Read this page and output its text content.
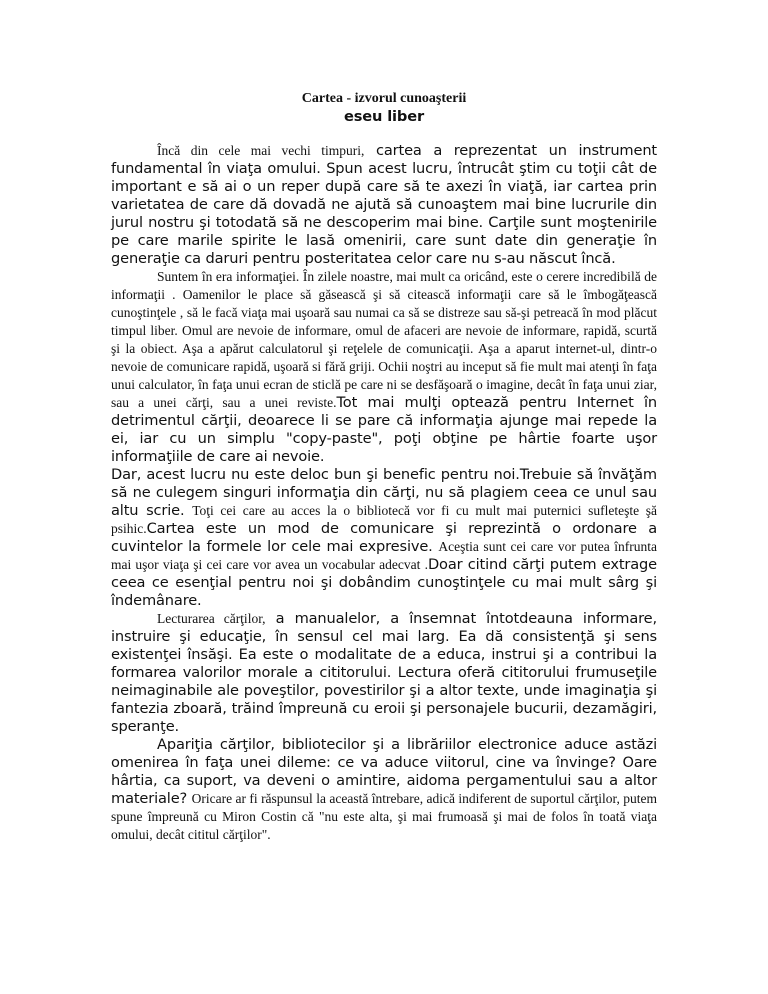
Cartea - izvorul cunoaşterii
eseu liber

Încă din cele mai vechi timpuri, cartea a reprezentat un instrument fundamental în viaţa omului. Spun acest lucru, întrucât ştim cu toţii cât de important e să ai o un reper după care să te axezi în viaţă, iar cartea prin varietatea de care dă dovadă ne ajută să cunoaştem mai bine lucrurile din jurul nostru şi totodată să ne descoperim mai bine. Carţile sunt moştenirile pe care marile spirite le lasă omenirii, care sunt date din generaţie în generaţie ca daruri pentru posteritatea celor care nu s-au născut încă.

Suntem în era informaţiei. În zilele noastre, mai mult ca oricând, este o cerere incredibilă de informaţii . Oamenilor le place să găsească şi să citească informaţii care să le îmbogăţească cunoştinţele , să le facă viaţa mai uşoară sau numai ca să se distreze sau să-şi petreacă în mod plăcut timpul liber. Omul are nevoie de informare, omul de afaceri are nevoie de informare, rapidă, scurtă şi la obiect. Aşa a apărut calculatorul şi reţelele de comunicaţii. Aşa a aparut internet-ul, dintr-o nevoie de comunicare rapidă, uşoară si fără griji. Ochii noştri au inceput să fie mult mai atenţi în faţa unui calculator, în faţa unui ecran de sticlă pe care ni se desfăşoară o imagine, decât în faţa unui ziar, sau a unei cărţi, sau a unei reviste.Tot mai mulţi optează pentru Internet în detrimentul cărţii, deoarece li se pare că informaţia ajunge mai repede la ei, iar cu un simplu "copy-paste", poţi obţine pe hârtie foarte uşor informaţiile de care ai nevoie.

Dar, acest lucru nu este deloc bun şi benefic pentru noi.Trebuie să învăţăm să ne culegem singuri informaţia din cărţi, nu să plagiem ceea ce unul sau altu scrie. Toţi cei care au acces la o bibliotecă vor fi cu mult mai puternici sufleteşte şă psihic.Cartea este un mod de comunicare şi reprezintă o ordonare a cuvintelor la formele lor cele mai expresive. Aceştia sunt cei care vor putea înfrunta mai uşor viaţa şi cei care vor avea un vocabular adecvat .Doar citind cărţi putem extrage ceea ce esenţial pentru noi şi dobândim cunoştinţele cu mai mult sârg şi îndemânare.

Lecturarea cărţilor, a manualelor, a însemnat întotdeauna informare, instruire şi educaţie, în sensul cel mai larg. Ea dă consistenţă şi sens existenţei însăşi. Ea este o modalitate de a educa, instrui şi a contribui la formarea valorilor morale a cititorului. Lectura oferă cititorului frumuseţile neimaginabile ale poveştilor, povestirilor şi a altor texte, unde imaginaţia şi fantezia zboară, trăind împreună cu eroii şi personajele bucurii, dezamăgiri, speranţe.

Apariţia cărţilor, bibliotecilor şi a librăriilor electronice aduce astăzi omenirea în faţa unei dileme: ce va aduce viitorul, cine va învinge? Oare hârtia, ca suport, va deveni o amintire, aidoma pergamentului sau a altor materiale? Oricare ar fi răspunsul la această întrebare, adică indiferent de suportul cărţilor, putem spune împreună cu Miron Costin că "nu este alta, şi mai frumoasă şi mai de folos în toată viaţa omului, decât cititul cărţilor".
